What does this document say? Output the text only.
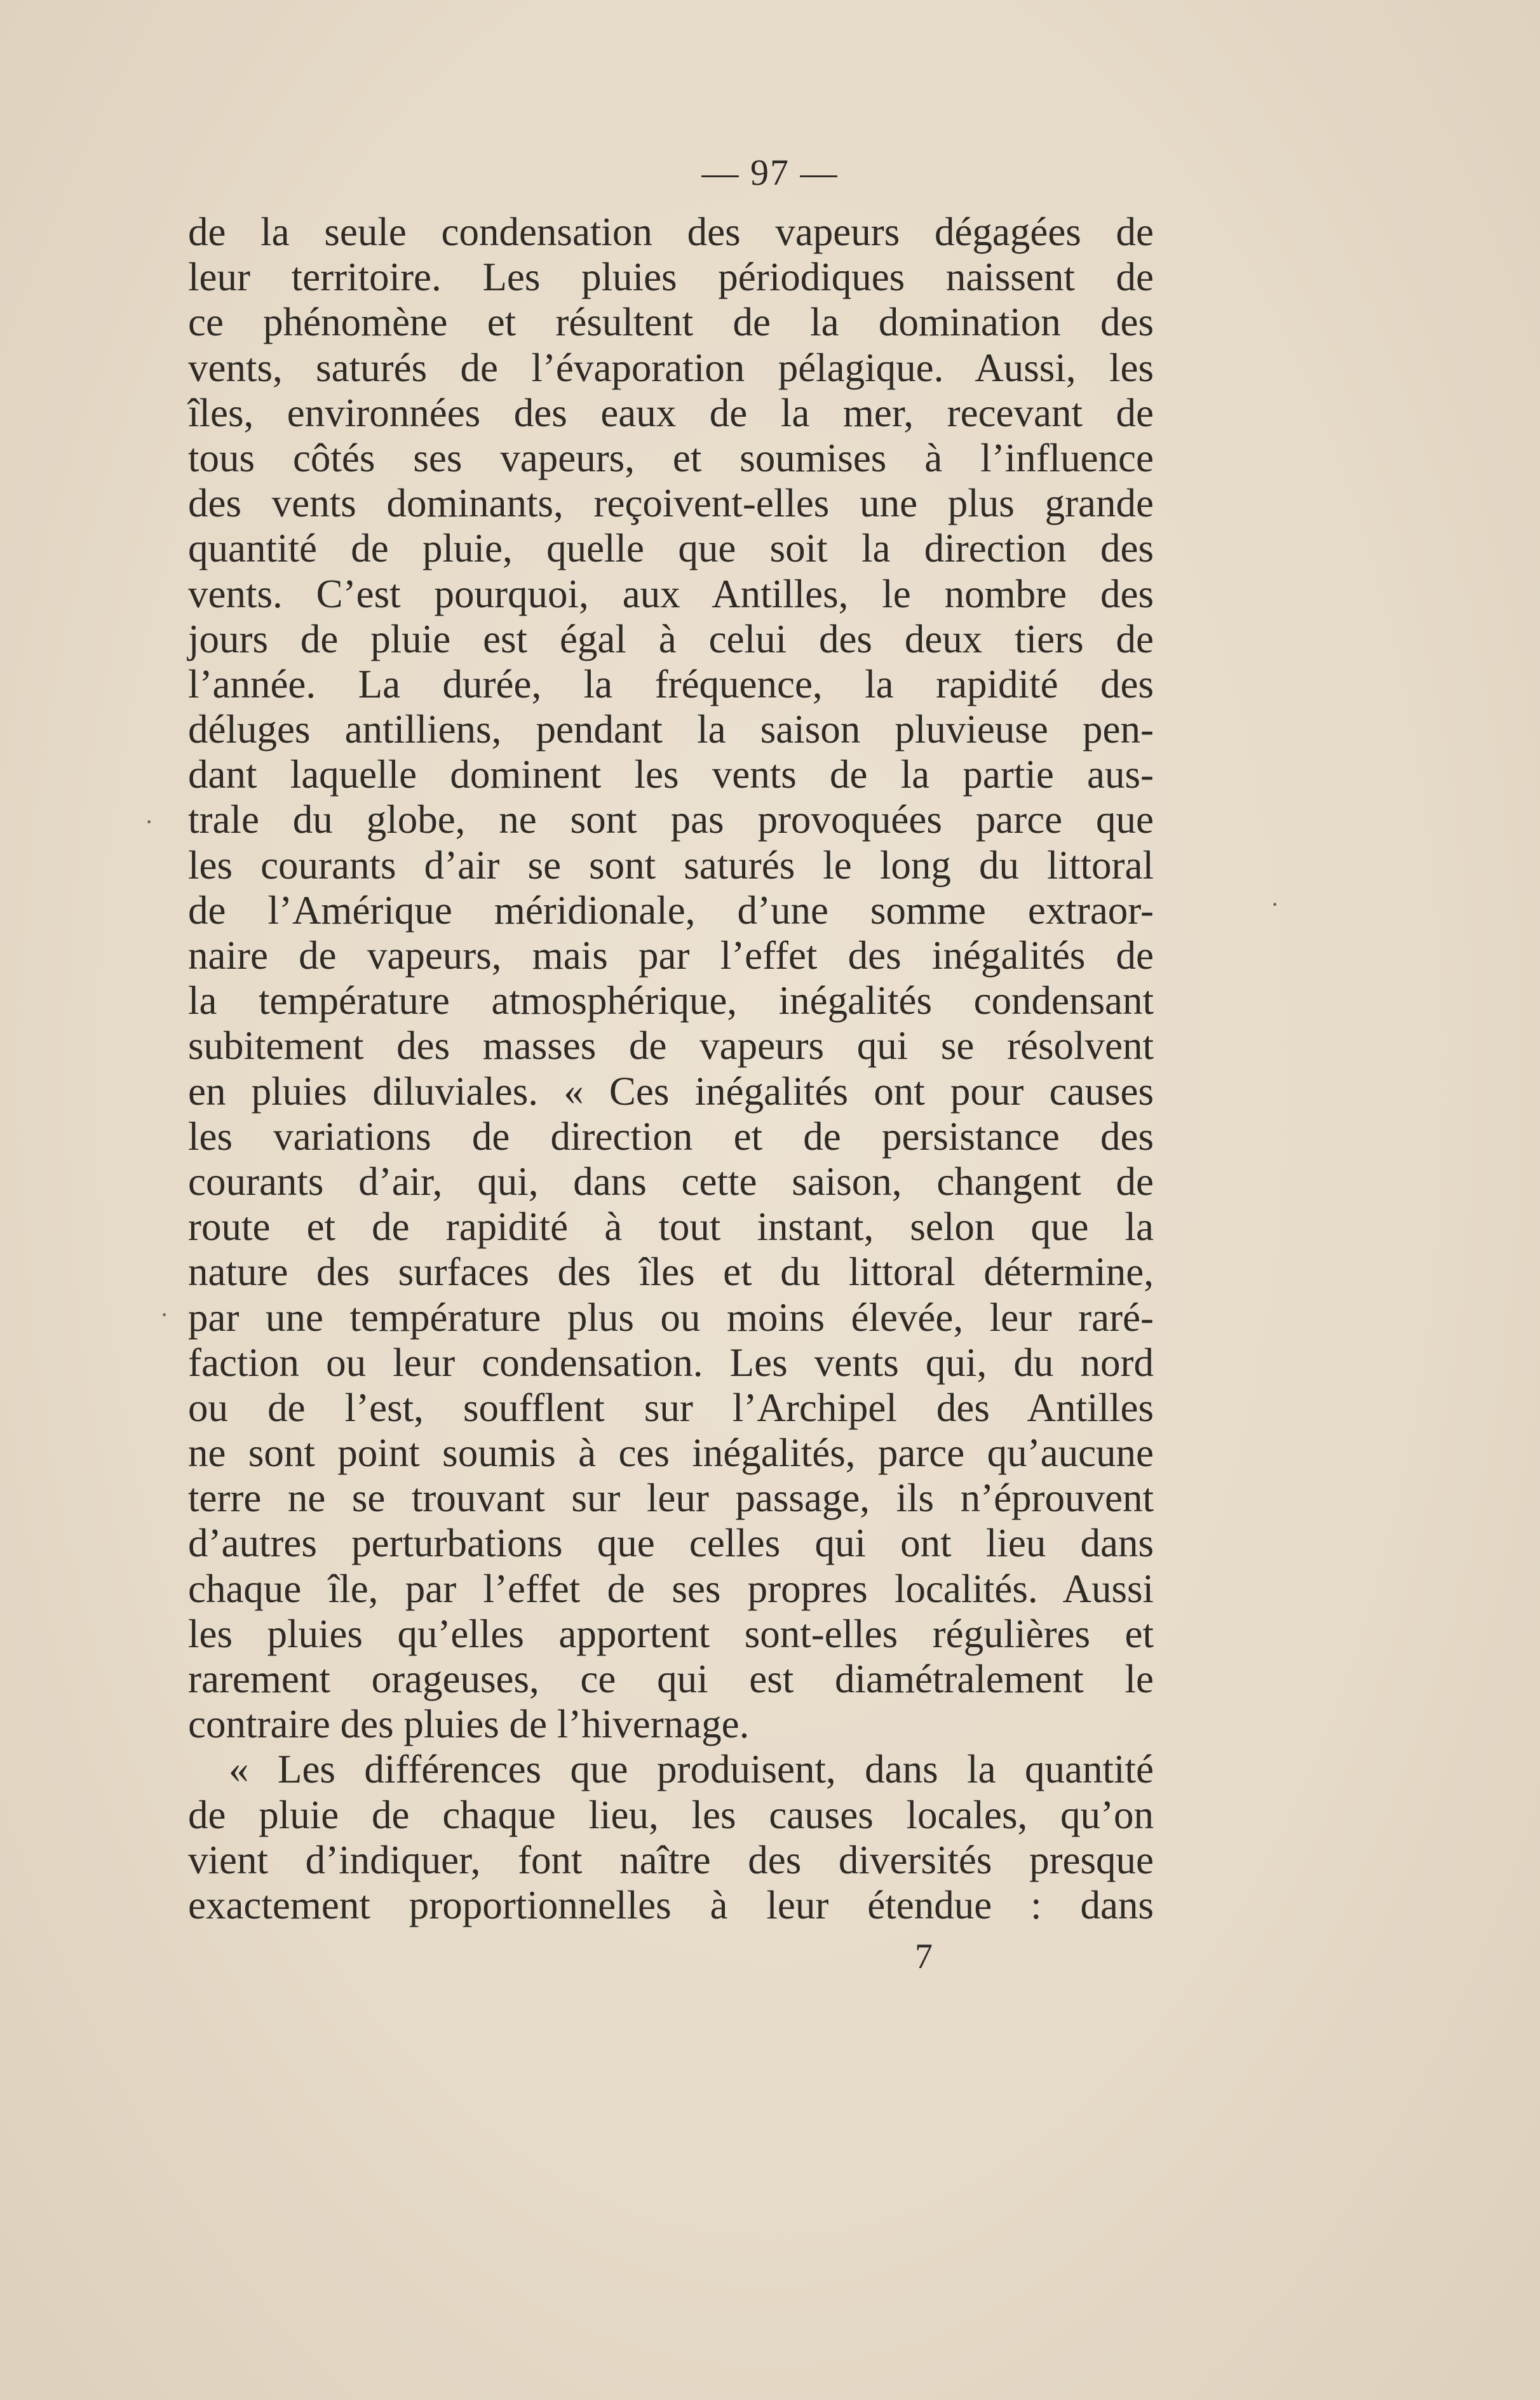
— 97 —
de la seule condensation des vapeurs dégagées de
leur territoire. Les pluies périodiques naissent de
ce phénomène et résultent de la domination des
vents, saturés de l’évaporation pélagique. Aussi, les
îles, environnées des eaux de la mer, recevant de
tous côtés ses vapeurs, et soumises à l’influence
des vents dominants, reçoivent-elles une plus grande
quantité de pluie, quelle que soit la direction des
vents. C’est pourquoi, aux Antilles, le nombre des
jours de pluie est égal à celui des deux tiers de
l’année. La durée, la fréquence, la rapidité des
déluges antilliens, pendant la saison pluvieuse pen-
dant laquelle dominent les vents de la partie aus-
trale du globe, ne sont pas provoquées parce que
les courants d’air se sont saturés le long du littoral
de l’Amérique méridionale, d’une somme extraor-
naire de vapeurs, mais par l’effet des inégalités de
la température atmosphérique, inégalités condensant
subitement des masses de vapeurs qui se résolvent
en pluies diluviales. « Ces inégalités ont pour causes
les variations de direction et de persistance des
courants d’air, qui, dans cette saison, changent de
route et de rapidité à tout instant, selon que la
nature des surfaces des îles et du littoral détermine,
par une température plus ou moins élevée, leur raré-
faction ou leur condensation. Les vents qui, du nord
ou de l’est, soufflent sur l’Archipel des Antilles
ne sont point soumis à ces inégalités, parce qu’aucune
terre ne se trouvant sur leur passage, ils n’éprouvent
d’autres perturbations que celles qui ont lieu dans
chaque île, par l’effet de ses propres localités. Aussi
les pluies qu’elles apportent sont-elles régulières et
rarement orageuses, ce qui est diamétralement le
contraire des pluies de l’hivernage.
« Les différences que produisent, dans la quantité
de pluie de chaque lieu, les causes locales, qu’on
vient d’indiquer, font naître des diversités presque
exactement proportionnelles à leur étendue : dans
7
·
·
·
